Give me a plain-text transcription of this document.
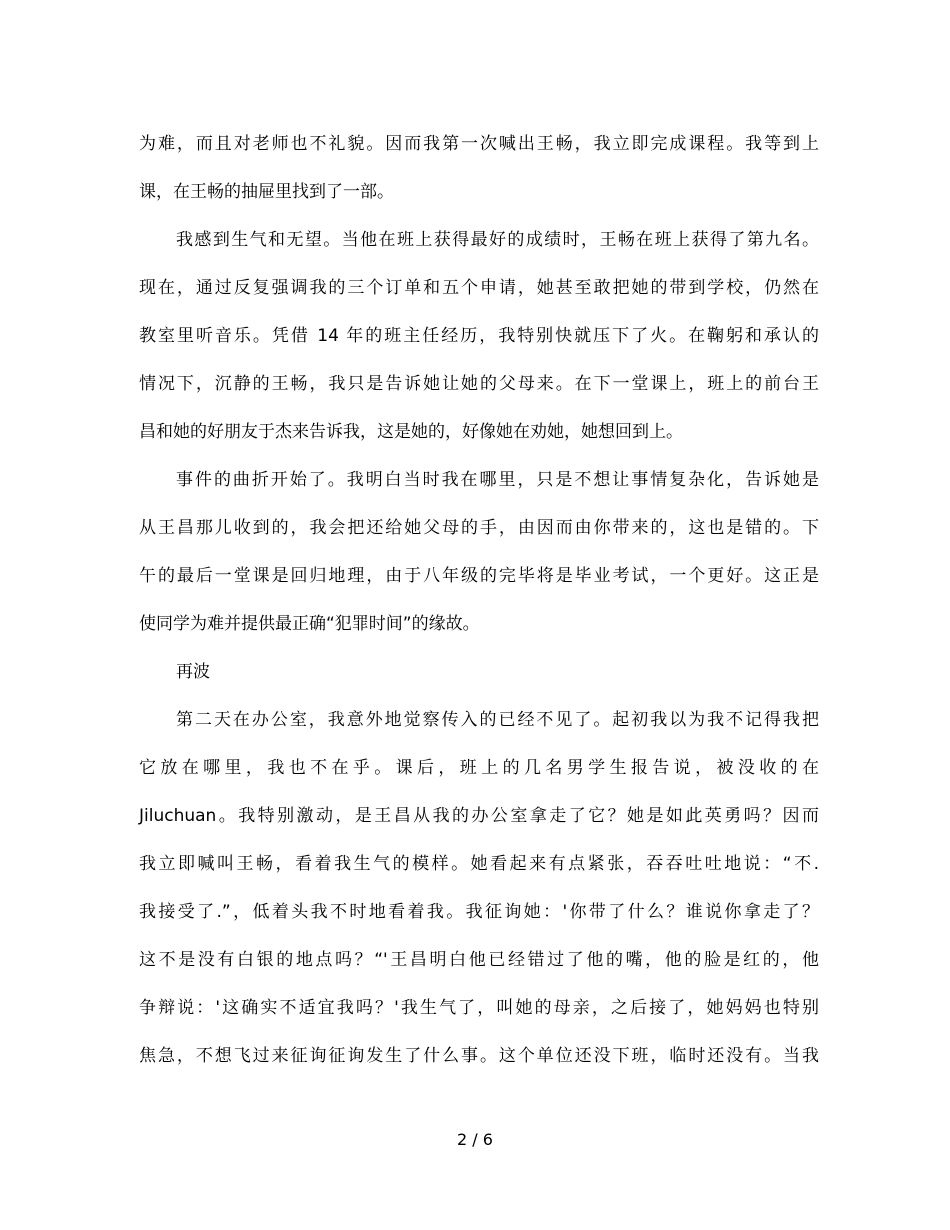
为难，而且对老师也不礼貌。因而我第一次喊出王畅，我立即完成课程。我等到上
课，在王畅的抽屉里找到了一部。
我感到生气和无望。当他在班上获得最好的成绩时，王畅在班上获得了第九名。
现在，通过反复强调我的三个订单和五个申请，她甚至敢把她的带到学校，仍然在
教室里听音乐。凭借 14 年的班主任经历，我特别快就压下了火。在鞠躬和承认的
情况下，沉静的王畅，我只是告诉她让她的父母来。在下一堂课上，班上的前台王
昌和她的好朋友于杰来告诉我，这是她的，好像她在劝她，她想回到上。
事件的曲折开始了。我明白当时我在哪里，只是不想让事情复杂化，告诉她是
从王昌那儿收到的，我会把还给她父母的手，由因而由你带来的，这也是错的。下
午的最后一堂课是回归地理，由于八年级的完毕将是毕业考试，一个更好。这正是
使同学为难并提供最正确“犯罪时间”的缘故。
再波
第二天在办公室，我意外地觉察传入的已经不见了。起初我以为我不记得我把
它放在哪里，我也不在乎。课后，班上的几名男学生报告说，被没收的在
Jiluchuan。我特别激动，是王昌从我的办公室拿走了它？她是如此英勇吗？因而
我立即喊叫王畅，看着我生气的模样。她看起来有点紧张，吞吞吐吐地说：“不.
我接受了.”，低着头我不时地看着我。我征询她：'你带了什么？谁说你拿走了？
这不是没有白银的地点吗？“'王昌明白他已经错过了他的嘴，他的脸是红的，他
争辩说：'这确实不适宜我吗？'我生气了，叫她的母亲，之后接了，她妈妈也特别
焦急，不想飞过来征询征询发生了什么事。这个单位还没下班，临时还没有。当我
2 / 6
